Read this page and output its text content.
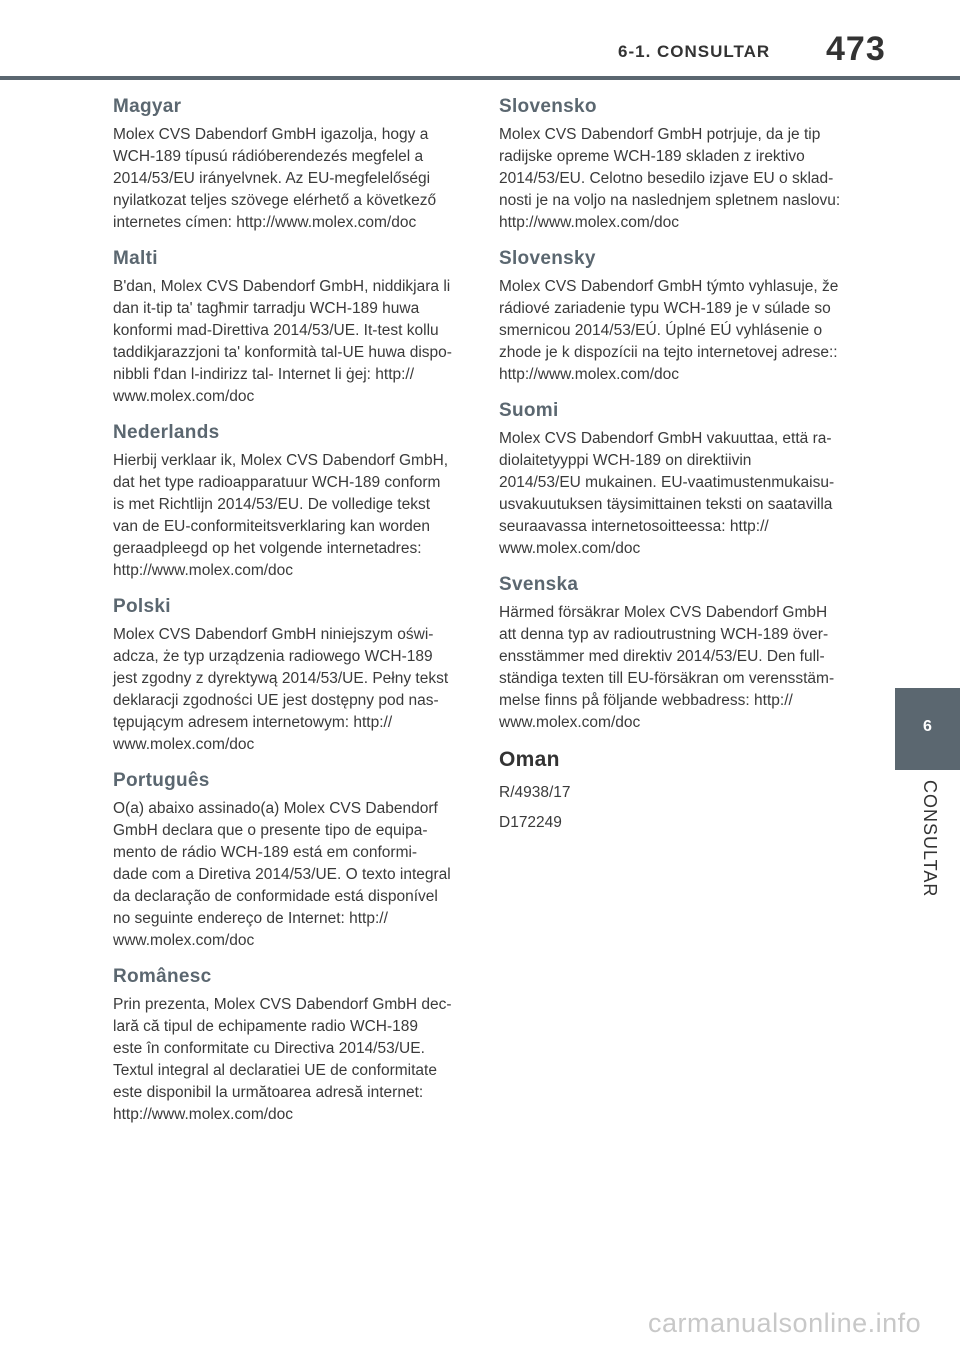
6-1. CONSULTAR 473
Magyar

Molex CVS Dabendorf GmbH igazolja, hogy a
WCH-189 típusú rádióberendezés megfelel a
2014/53/EU irányelvnek. Az EU-megfelelőségi
nyilatkozat teljes szövege elérhető a következő
internetes címen: http://www.molex.com/doc

Malti

B'dan, Molex CVS Dabendorf GmbH, niddikjara li
dan it-tip ta' tagħmir tarradju WCH-189 huwa
konformi mad-Direttiva 2014/53/UE. It-test kollu
taddikjarazzjoni ta' konformità tal-UE huwa dispo-
nibbli f'dan l-indirizz tal- Internet li ġej: http://
www.molex.com/doc

Nederlands

Hierbij verklaar ik, Molex CVS Dabendorf GmbH,
dat het type radioapparatuur WCH-189 conform
is met Richtlijn 2014/53/EU. De volledige tekst
van de EU-conformiteitsverklaring kan worden
geraadpleegd op het volgende internetadres:
http://www.molex.com/doc

Polski

Molex CVS Dabendorf GmbH niniejszym oświ-
adcza, że typ urządzenia radiowego WCH-189
jest zgodny z dyrektywą 2014/53/UE. Pełny tekst
deklaracji zgodności UE jest dostępny pod nas-
tępującym adresem internetowym: http://
www.molex.com/doc

Português

O(a) abaixo assinado(a) Molex CVS Dabendorf
GmbH declara que o presente tipo de equipa-
mento de rádio WCH-189 está em conformi-
dade com a Diretiva 2014/53/UE. O texto integral
da declaração de conformidade está disponível
no seguinte endereço de Internet: http://
www.molex.com/doc

Românesc

Prin prezenta, Molex CVS Dabendorf GmbH dec-
lară că tipul de echipamente radio WCH-189
este în conformitate cu Directiva 2014/53/UE.
Textul integral al declaratiei UE de conformitate
este disponibil la următoarea adresă internet:
http://www.molex.com/doc

Slovensko

Molex CVS Dabendorf GmbH potrjuje, da je tip
radijske opreme WCH-189 skladen z irektivo
2014/53/EU. Celotno besedilo izjave EU o sklad-
nosti je na voljo na naslednjem spletnem naslovu:
http://www.molex.com/doc

Slovensky

Molex CVS Dabendorf GmbH týmto vyhlasuje, že
rádiové zariadenie typu WCH-189 je v súlade so
smernicou 2014/53/EÚ. Úplné EÚ vyhlásenie o
zhode je k dispozícii na tejto internetovej adrese::
http://www.molex.com/doc

Suomi

Molex CVS Dabendorf GmbH vakuuttaa, että ra-
diolaitetyyppi WCH-189 on direktiivin
2014/53/EU mukainen. EU-vaatimustenmukaisu-
usvakuutuksen täysimittainen teksti on saatavilla
seuraavassa internetosoitteessa: http://
www.molex.com/doc

Svenska

Härmed försäkrar Molex CVS Dabendorf GmbH
att denna typ av radioutrustning WCH-189 över-
ensstämmer med direktiv 2014/53/EU. Den full-
ständiga texten till EU-försäkran om verensstäm-
melse finns på följande webbadress: http://
www.molex.com/doc

Oman

R/4938/17

D172249

6
CONSULTAR
carmanualsonline.info
